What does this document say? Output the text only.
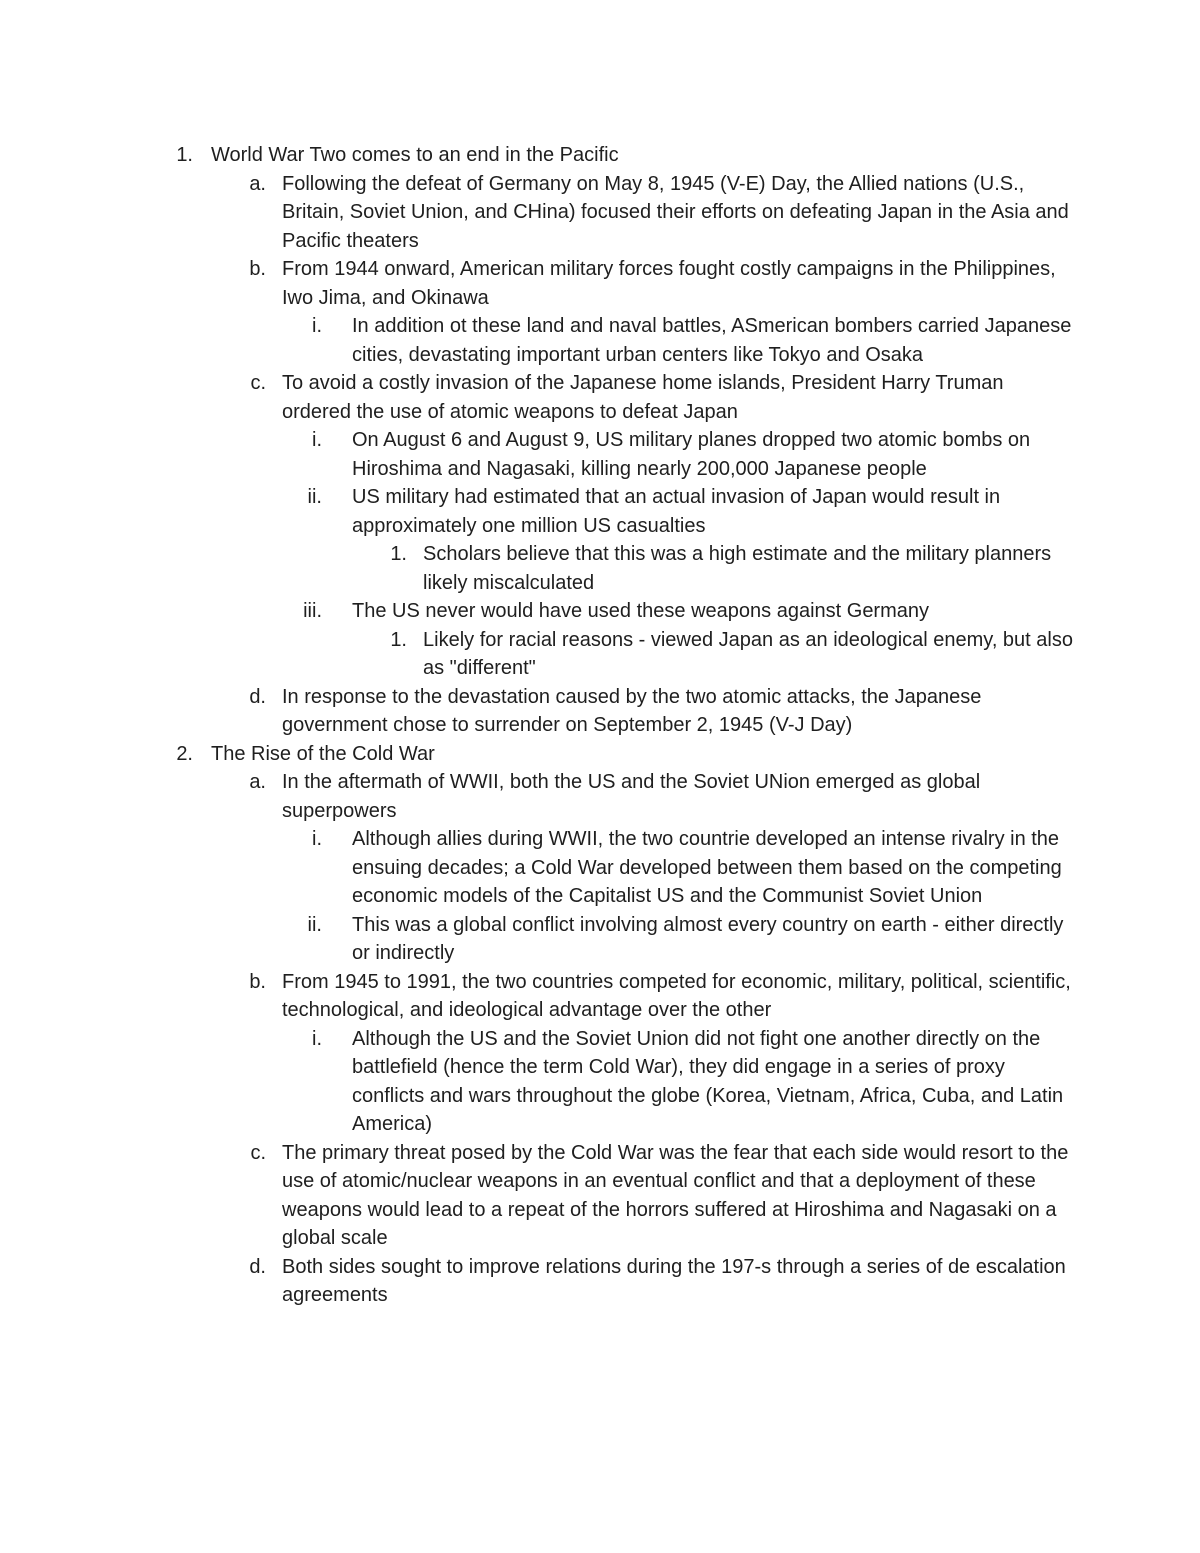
1. World War Two comes to an end in the Pacific
a. Following the defeat of Germany on May 8, 1945 (V-E) Day, the Allied nations (U.S., Britain, Soviet Union, and CHina) focused their efforts on defeating Japan in the Asia and Pacific theaters
b. From 1944 onward, American military forces fought costly campaigns in the Philippines, Iwo Jima, and Okinawa
i. In addition ot these land and naval battles, ASmerican bombers carried Japanese cities, devastating important urban centers like Tokyo and Osaka
c. To avoid a costly invasion of the Japanese home islands, President Harry Truman ordered the use of atomic weapons to defeat Japan
i. On August 6 and August 9, US military planes dropped two atomic bombs on Hiroshima and Nagasaki, killing nearly 200,000 Japanese people
ii. US military had estimated that an actual invasion of Japan would result in approximately one million US casualties
1. Scholars believe that this was a high estimate and the military planners likely miscalculated
iii. The US never would have used these weapons against Germany
1. Likely for racial reasons - viewed Japan as an ideological enemy, but also as "different"
d. In response to the devastation caused by the two atomic attacks, the Japanese government chose to surrender on September 2, 1945 (V-J Day)
2. The Rise of the Cold War
a. In the aftermath of WWII, both the US and the Soviet UNion emerged as global superpowers
i. Although allies during WWII, the two countrie developed an intense rivalry in the ensuing decades; a Cold War developed between them based on the competing economic models of the Capitalist US and the Communist Soviet Union
ii. This was a global conflict involving almost every country on earth - either directly or indirectly
b. From 1945 to 1991, the two countries competed for economic, military, political, scientific, technological, and ideological advantage over the other
i. Although the US and the Soviet Union did not fight one another directly on the battlefield (hence the term Cold War), they did engage in a series of proxy conflicts and wars throughout the globe (Korea, Vietnam, Africa, Cuba, and Latin America)
c. The primary threat posed by the Cold War was the fear that each side would resort to the use of atomic/nuclear weapons in an eventual conflict and that a deployment of these weapons would lead to a repeat of the horrors suffered at Hiroshima and Nagasaki on a global scale
d. Both sides sought to improve relations during the 197-s through a series of de escalation agreements
